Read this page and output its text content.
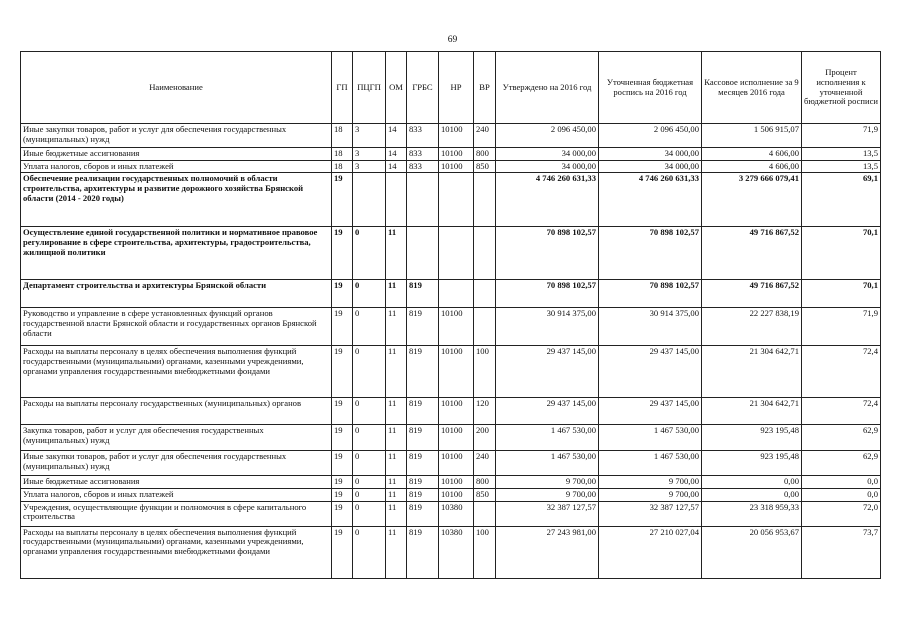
69
Наименование	ГП	ПЦГП	ОМ	ГРБС	НР	ВР	Утверждено на 2016 год	Уточненная бюджетная роспись на 2016 год	Кассовое исполнение за 9 месяцев 2016 года	Процент исполнения к уточненной бюджетной росписи
Иные закупки товаров, работ и услуг для обеспечения государственных (муниципальных) нужд	18	3	14	833	10100	240	2 096 450,00	2 096 450,00	1 506 915,07	71,9
Иные бюджетные ассигнования	18	3	14	833	10100	800	34 000,00	34 000,00	4 606,00	13,5
Уплата налогов, сборов и иных платежей	18	3	14	833	10100	850	34 000,00	34 000,00	4 606,00	13,5
Обеспечение реализации государственных полномочий в области строительства, архитектуры и развитие дорожного хозяйства Брянской области (2014 - 2020 годы)	19						4 746 260 631,33	4 746 260 631,33	3 279 666 079,41	69,1
Осуществление единой государственной политики и нормативное правовое регулирование в сфере строительства, архитектуры, градостроительства, жилищной политики	19	0	11				70 898 102,57	70 898 102,57	49 716 867,52	70,1
Департамент строительства и архитектуры Брянской области	19	0	11	819			70 898 102,57	70 898 102,57	49 716 867,52	70,1
Руководство и управление в сфере установленных функций органов государственной власти Брянской области и государственных органов Брянской области	19	0	11	819	10100		30 914 375,00	30 914 375,00	22 227 838,19	71,9
Расходы на выплаты персоналу в целях обеспечения выполнения функций государственными (муниципальными) органами, казенными учреждениями, органами управления государственными внебюджетными фондами	19	0	11	819	10100	100	29 437 145,00	29 437 145,00	21 304 642,71	72,4
Расходы на выплаты персоналу государственных (муниципальных) органов	19	0	11	819	10100	120	29 437 145,00	29 437 145,00	21 304 642,71	72,4
Закупка товаров, работ и услуг для обеспечения государственных (муниципальных) нужд	19	0	11	819	10100	200	1 467 530,00	1 467 530,00	923 195,48	62,9
Иные закупки товаров, работ и услуг для обеспечения государственных (муниципальных) нужд	19	0	11	819	10100	240	1 467 530,00	1 467 530,00	923 195,48	62,9
Иные бюджетные ассигнования	19	0	11	819	10100	800	9 700,00	9 700,00	0,00	0,0
Уплата налогов, сборов и иных платежей	19	0	11	819	10100	850	9 700,00	9 700,00	0,00	0,0
Учреждения, осуществляющие функции и полномочия в сфере капитального строительства	19	0	11	819	10380		32 387 127,57	32 387 127,57	23 318 959,33	72,0
Расходы на выплаты персоналу в целях обеспечения выполнения функций государственными (муниципальными) органами, казенными учреждениями, органами управления государственными внебюджетными фондами	19	0	11	819	10380	100	27 243 981,00	27 210 027,04	20 056 953,67	73,7
